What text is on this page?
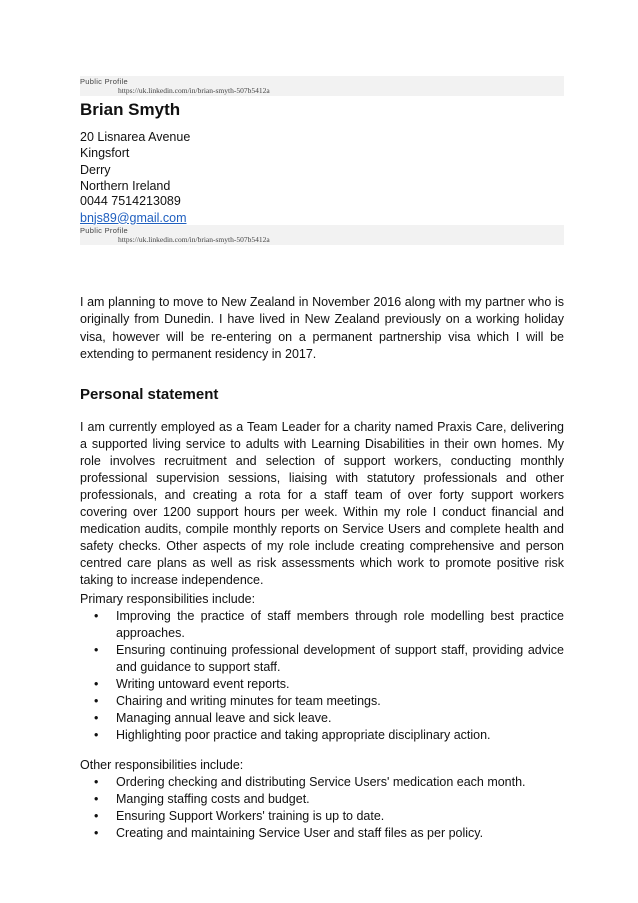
Public Profile
https://uk.linkedin.com/in/brian-smyth-507b5412a
Brian Smyth
20 Lisnarea Avenue
Kingsfort
Derry
Northern Ireland
0044 7514213089
bnjs89@gmail.com
Public Profile
https://uk.linkedin.com/in/brian-smyth-507b5412a
I am planning to move to New Zealand in November 2016 along with my partner who is originally from Dunedin. I have lived in New Zealand previously on a working holiday visa, however will be re-entering on a permanent partnership visa which I will be extending to permanent residency in 2017.
Personal statement

I am currently employed as a Team Leader for a charity named Praxis Care, delivering a supported living service to adults with Learning Disabilities in their own homes. My role involves recruitment and selection of support workers, conducting monthly professional supervision sessions, liaising with statutory professionals and other professionals, and creating a rota for a staff team of over forty support workers covering over 1200 support hours per week. Within my role I conduct financial and medication audits, compile monthly reports on Service Users and complete health and safety checks. Other aspects of my role include creating comprehensive and person centred care plans as well as risk assessments which work to promote positive risk taking to increase independence.

Primary responsibilities include:

• Improving the practice of staff members through role modelling best practice approaches.
• Ensuring continuing professional development of support staff, providing advice and guidance to support staff.
• Writing untoward event reports.
• Chairing and writing minutes for team meetings.
• Managing annual leave and sick leave.
• Highlighting poor practice and taking appropriate disciplinary action.

Other responsibilities include:

• Ordering checking and distributing Service Users' medication each month.
• Manging staffing costs and budget.
• Ensuring Support Workers' training is up to date.
• Creating and maintaining Service User and staff files as per policy.
